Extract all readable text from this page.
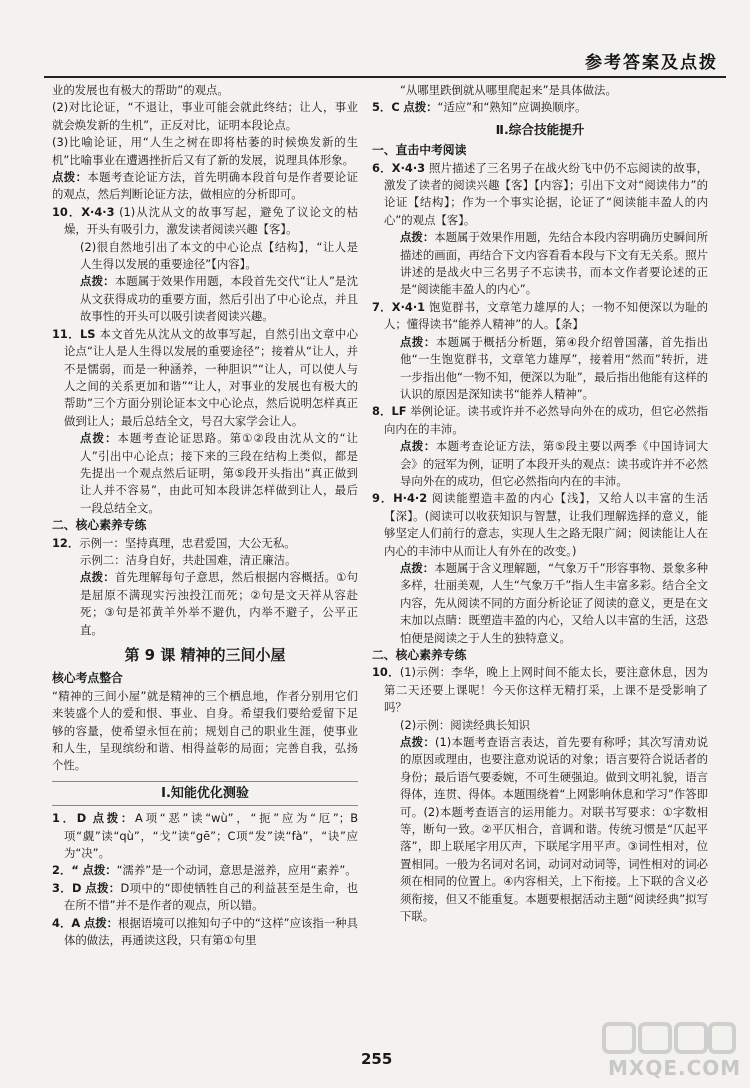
参考答案及点拨

业的发展也有极大的帮助”的观点。

(2)对比论证，“不退让，事业可能会就此终结；让人，事业就会焕发新的生机”，正反对比，证明本段论点。

(3)比喻论证，用“人生之树在即将枯萎的时候焕发新的生机”比喻事业在遭遇挫折后又有了新的发展，说理具体形象。

点拨：本题考查论证方法，首先明确本段首句是作者要论证的观点，然后判断论证方法，做相应的分析即可。

10．X·4·3 (1)从沈从文的故事写起，避免了议论文的枯燥，开头有吸引力，激发读者阅读兴趣【客】。

(2)很自然地引出了本文的中心论点【结构】，“让人是人生得以发展的重要途径”【内容】。

点拨：本题属于效果作用题，本段首先交代“让人”是沈从文获得成功的重要方面，然后引出了中心论点，并且故事性的开头可以吸引读者阅读兴趣。

11．LS 本文首先从沈从文的故事写起，自然引出文章中心论点“让人是人生得以发展的重要途径”；接着从“让人，并不是懦弱，而是一种涵养，一种胆识”“让人，可以使人与人之间的关系更加和谐”“让人，对事业的发展也有极大的帮助”三个方面分别论证本文中心论点，然后说明怎样真正做到让人；最后总结全文，号召大家学会让人。

点拨：本题考查论证思路。第①②段由沈从文的“让人”引出中心论点；接下来的三段在结构上类似，都是先提出一个观点然后证明，第⑤段开头指出“真正做到让人并不容易”，由此可知本段讲怎样做到让人，最后一段总结全文。

二、核心素养专练

12．示例一：坚持真理，忠君爱国，大公无私。

示例二：洁身自好，共赴国难，清正廉洁。

点拨：首先理解每句子意思，然后根据内容概括。①句是屈原不满现实污浊投江而死；②句是文天祥从容赴死；③句是祁黄羊外举不避仇，内举不避子，公平正直。

第 9 课 精神的三间小屋

核心考点整合

“精神的三间小屋”就是精神的三个栖息地，作者分别用它们来装盛个人的爱和恨、事业、自身。希望我们要给爱留下足够的容量，使希望永恒在前；规划自己的职业生涯，使事业和人生，呈现缤纷和谐、相得益彰的局面；完善自我，弘扬个性。

Ⅰ.知能优化测验

1．D 点拨：A项“恶”读“wù”，“扼”应为“厄”；B项“觑”读“qù”，“戈”读“gē”；C项“发”读“fà”，“诀”应为“决”。

2．“ 点拨：“濡养”是一个动词，意思是滋养，应用“素养”。

3．D 点拨：D项中的“即使牺牲自己的利益甚至是生命，也在所不惜”并不是作者的观点，所以错。

4．A 点拨：根据语境可以推知句子中的“这样”应该指一种具体的做法，再通读这段，只有第①句里

“从哪里跌倒就从哪里爬起来”是具体做法。

5．C 点拨：“适应”和“熟知”应调换顺序。

Ⅱ.综合技能提升

一、直击中考阅读

6．X·4·3 照片描述了三名男子在战火纷飞中仍不忘阅读的故事，激发了读者的阅读兴趣【客】【内容】；引出下文对“阅读伟力”的论证【结构】；作为一个事实论据，论证了“阅读能丰盈人的内心”的观点【客】。

点拨：本题属于效果作用题，先结合本段内容明确历史瞬间所描述的画面，再结合下文内容看看本段与下文有无关系。照片讲述的是战火中三名男子不忘读书，而本文作者要论述的正是“阅读能丰盈人的内心”。

7．X·4·1 饱览群书，文章笔力雄厚的人；一物不知便深以为耻的人；懂得读书“能养人精神”的人。【条】

点拨：本题属于概括分析题，第④段介绍曾国藩，首先指出他“一生饱览群书，文章笔力雄厚”，接着用“然而”转折，进一步指出他“一物不知，便深以为耻”，最后指出他能有这样的认识的原因是深知读书“能养人精神”。

8．LF 举例论证。读书或许并不必然导向外在的成功，但它必然指向内在的丰沛。

点拨：本题考查论证方法，第⑤段主要以两季《中国诗词大会》的冠军为例，证明了本段开头的观点：读书或许并不必然导向外在的成功，但它必然指向内在的丰沛。

9．H·4·2 阅读能塑造丰盈的内心【浅】，又给人以丰富的生活【深】。(阅读可以收获知识与智慧，让我们理解选择的意义，能够坚定人们前行的意志，实现人生之路无限广阔；阅读能让人在内心的丰沛中从而让人有外在的改变。)

点拨：本题属于含义理解题，“气象万千”形容事物、景象多种多样，壮丽美观，人生“气象万千”指人生丰富多彩。结合全文内容，先从阅读不同的方面分析论证了阅读的意义，更是在文末加以点睛：既塑造丰盈的内心，又给人以丰富的生活，这恐怕便是阅读之于人生的独特意义。

二、核心素养专练

10．(1)示例：李华，晚上上网时间不能太长，要注意休息，因为第二天还要上课呢！今天你这样无精打采，上课不是受影响了吗？

(2)示例：阅读经典长知识

点拨：(1)本题考查语言表达，首先要有称呼；其次写清劝说的原因或理由，也要注意劝说话的对象；语言要符合说话者的身份；最后语气要委婉，不可生硬强迫。做到文明礼貌，语言得体，连贯、得体。本题围绕着“上网影响休息和学习”作答即可。(2)本题考查语言的运用能力。对联书写要求：①字数相等，断句一致。②平仄相合，音调和谐。传统习惯是“仄起平落”，即上联尾字用仄声，下联尾字用平声。③词性相对，位置相同。一般为名词对名词，动词对动词等，词性相对的词必须在相同的位置上。④内容相关，上下衔接。上下联的含义必须衔接，但又不能重复。本题要根据活动主题“阅读经典”拟写下联。

255	MXQE.COM
